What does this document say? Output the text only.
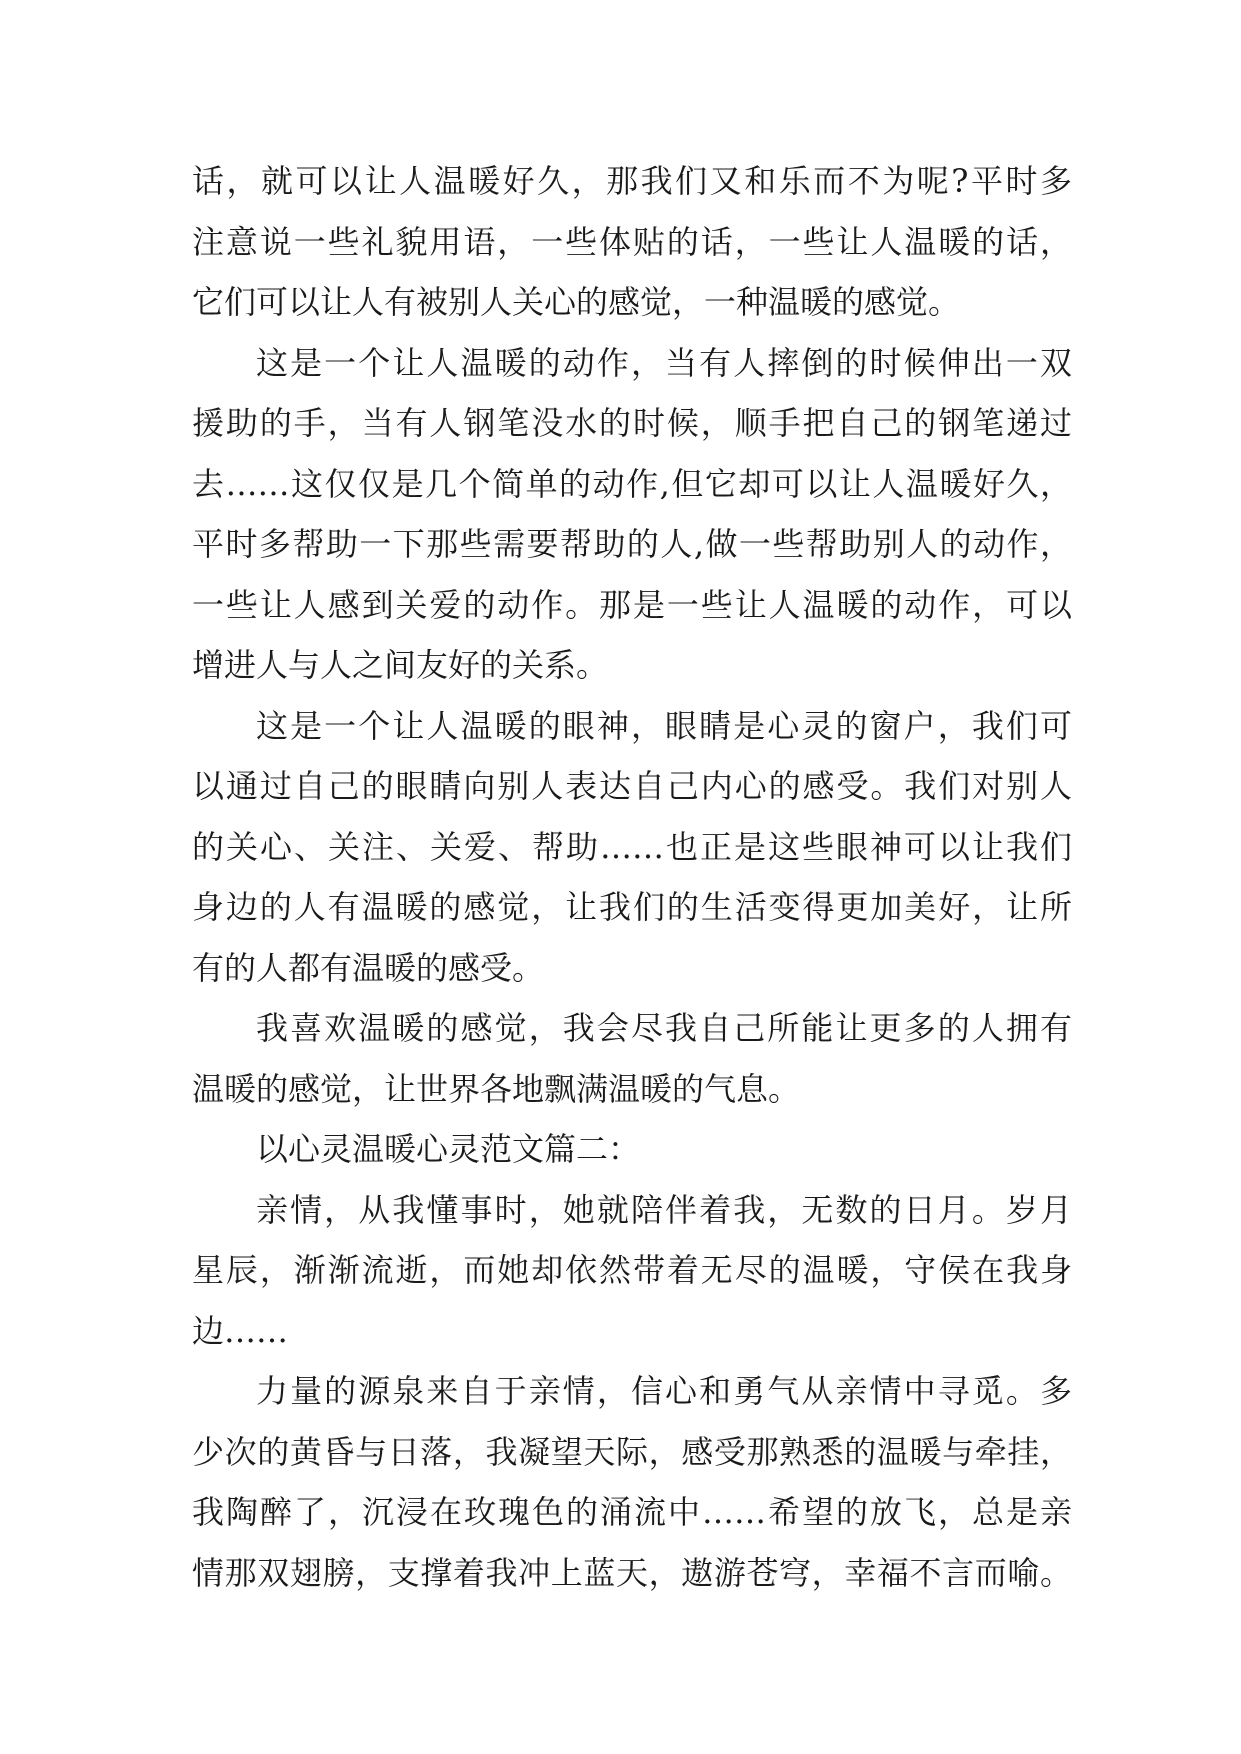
话，就可以让人温暖好久，那我们又和乐而不为呢?平时多
注意说一些礼貌用语，一些体贴的话，一些让人温暖的话，
它们可以让人有被别人关心的感觉，一种温暖的感觉。
这是一个让人温暖的动作，当有人摔倒的时候伸出一双
援助的手，当有人钢笔没水的时候，顺手把自己的钢笔递过
去……这仅仅是几个简单的动作,但它却可以让人温暖好久，
平时多帮助一下那些需要帮助的人,做一些帮助别人的动作，
一些让人感到关爱的动作。那是一些让人温暖的动作，可以
增进人与人之间友好的关系。
这是一个让人温暖的眼神，眼睛是心灵的窗户，我们可
以通过自己的眼睛向别人表达自己内心的感受。我们对别人
的关心、关注、关爱、帮助……也正是这些眼神可以让我们
身边的人有温暖的感觉，让我们的生活变得更加美好，让所
有的人都有温暖的感受。
我喜欢温暖的感觉，我会尽我自己所能让更多的人拥有
温暖的感觉，让世界各地飘满温暖的气息。
以心灵温暖心灵范文篇二：
亲情，从我懂事时，她就陪伴着我，无数的日月。岁月
星辰，渐渐流逝，而她却依然带着无尽的温暖，守侯在我身
边……
力量的源泉来自于亲情，信心和勇气从亲情中寻觅。多
少次的黄昏与日落，我凝望天际，感受那熟悉的温暖与牵挂，
我陶醉了，沉浸在玫瑰色的涌流中……希望的放飞，总是亲
情那双翅膀，支撑着我冲上蓝天，遨游苍穹，幸福不言而喻。
